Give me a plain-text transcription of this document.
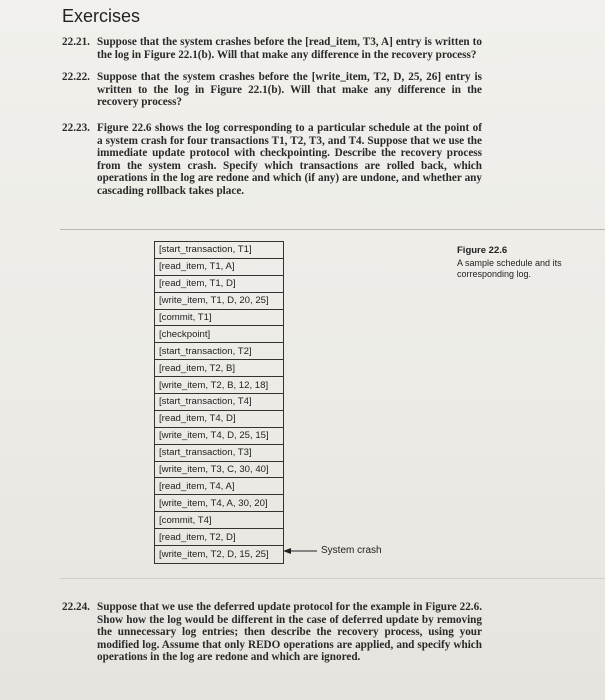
Exercises
22.21. Suppose that the system crashes before the [read_item, T3, A] entry is written to the log in Figure 22.1(b). Will that make any difference in the recovery process?
22.22. Suppose that the system crashes before the [write_item, T2, D, 25, 26] entry is written to the log in Figure 22.1(b). Will that make any difference in the recovery process?
22.23. Figure 22.6 shows the log corresponding to a particular schedule at the point of a system crash for four transactions T1, T2, T3, and T4. Suppose that we use the immediate update protocol with checkpointing. Describe the recovery process from the system crash. Specify which transactions are rolled back, which operations in the log are redone and which (if any) are undone, and whether any cascading rollback takes place.
[start_transaction, T1]
[read_item, T1, A]
[read_item, T1, D]
[write_item, T1, D, 20, 25]
[commit, T1]
[checkpoint]
[start_transaction, T2]
[read_item, T2, B]
[write_item, T2, B, 12, 18]
[start_transaction, T4]
[read_item, T4, D]
[write_item, T4, D, 25, 15]
[start_transaction, T3]
[write_item, T3, C, 30, 40]
[read_item, T4, A]
[write_item, T4, A, 30, 20]
[commit, T4]
[read_item, T2, D]
[write_item, T2, D, 15, 25]	System crash
Figure 22.6
A sample schedule and its corresponding log.
22.24. Suppose that we use the deferred update protocol for the example in Figure 22.6. Show how the log would be different in the case of deferred update by removing the unnecessary log entries; then describe the recovery process, using your modified log. Assume that only REDO operations are applied, and specify which operations in the log are redone and which are ignored.
